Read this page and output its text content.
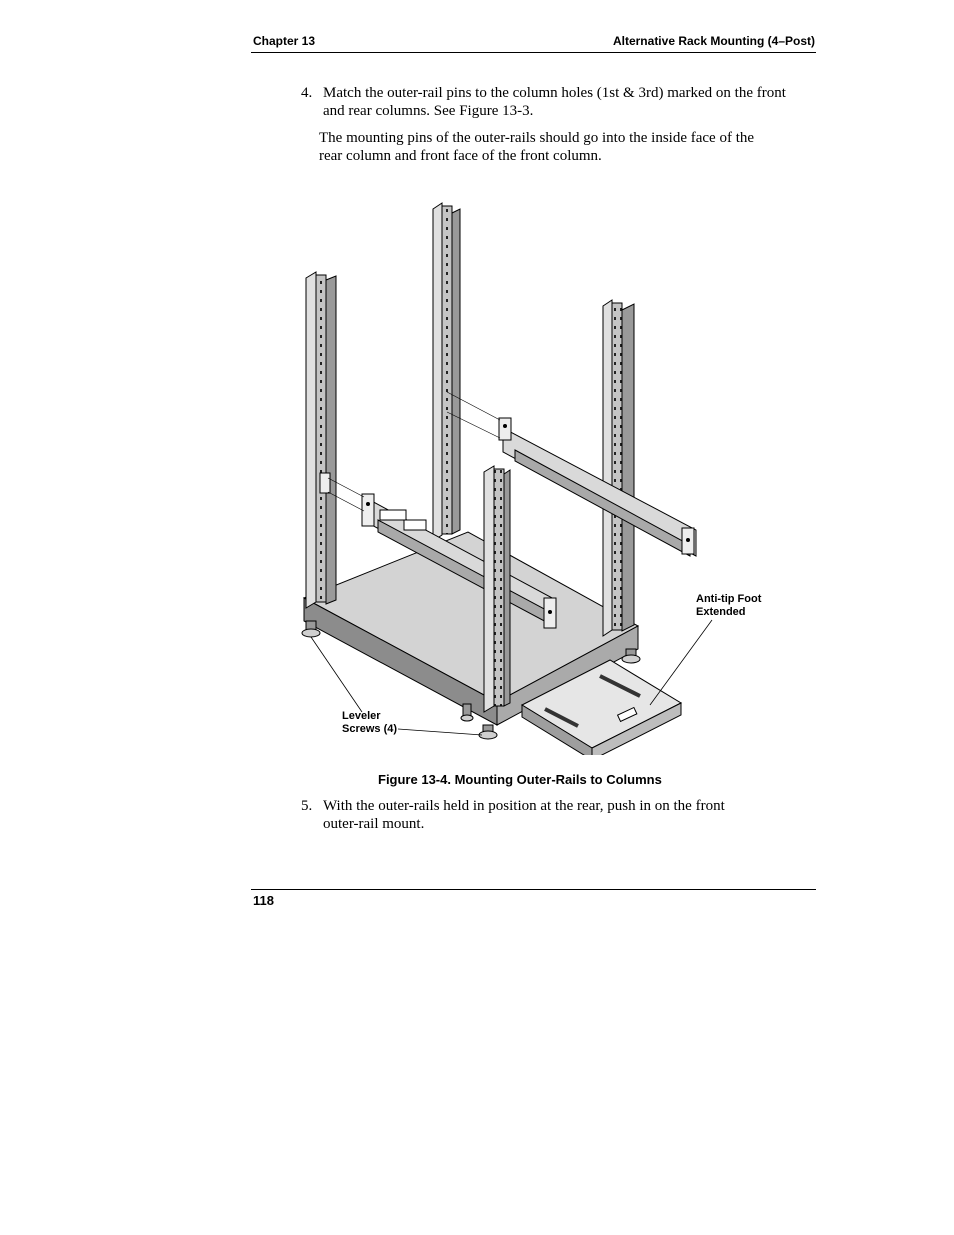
Chapter 13	Alternative Rack Mounting (4–Post)
4. Match the outer-rail pins to the column holes (1st & 3rd) marked on the front
and rear columns. See Figure 13-3.
The mounting pins of the outer-rails should go into the inside face of the
rear column and front face of the front column.
Anti-tip Foot
Extended
Leveler
Screws (4)
Figure 13-4. Mounting Outer-Rails to Columns
5. With the outer-rails held in position at the rear, push in on the front
outer-rail mount.
118
